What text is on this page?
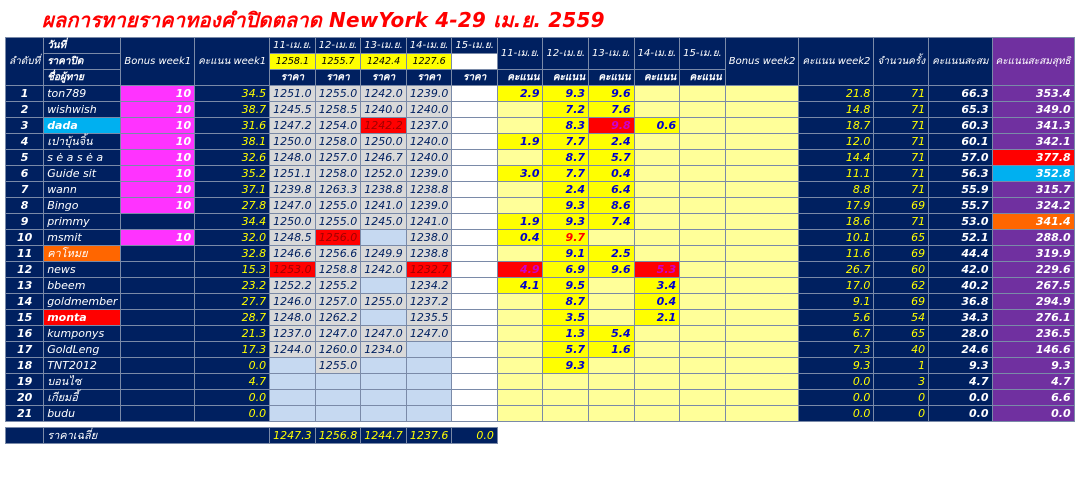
ผลการทายราคาทองคำปิดตลาด NewYork 4-29 เม.ย. 2559
ลำดับที่	วันที่	Bonus week1	คะแนน week1	11-เม.ย.	12-เม.ย.	13-เม.ย.	14-เม.ย.	15-เม.ย.	11-เม.ย.	12-เม.ย.	13-เม.ย.	14-เม.ย.	15-เม.ย.	Bonus week2	คะแนน week2	จำนวนครั้ง	คะแนนสะสม	คะแนนสะสมสุทธิ
	ราคาปิด			1258.1	1255.7	1242.4	1227.6											
	ชื่อผู้ทาย			ราคา	ราคา	ราคา	ราคา	ราคา	คะแนน	คะแนน	คะแนน	คะแนน	คะแนน					
1	ton789	10	34.5	1251.0	1255.0	1242.0	1239.0		2.9	9.3	9.6				21.8	71	66.3	353.4
2	wishwish	10	38.7	1245.5	1258.5	1240.0	1240.0			7.2	7.6				14.8	71	65.3	349.0
3	dada	10	31.6	1247.2	1254.0	1242.2	1237.0			8.3	9.8	0.6			18.7	71	60.3	341.3
4	เปาบุ้นจิ้น	10	38.1	1250.0	1258.0	1250.0	1240.0		1.9	7.7	2.4				12.0	71	60.1	342.1
5	s ė a s ė a	10	32.6	1248.0	1257.0	1246.7	1240.0			8.7	5.7				14.4	71	57.0	377.8
6	Guide sit	10	35.2	1251.1	1258.0	1252.0	1239.0		3.0	7.7	0.4				11.1	71	56.3	352.8
7	wann	10	37.1	1239.8	1263.3	1238.8	1238.8			2.4	6.4				8.8	71	55.9	315.7
8	Bingo	10	27.8	1247.0	1255.0	1241.0	1239.0			9.3	8.6				17.9	69	55.7	324.2
9	primmy		34.4	1250.0	1255.0	1245.0	1241.0		1.9	9.3	7.4				18.6	71	53.0	341.4
10	msmit	10	32.0	1248.5	1256.0		1238.0		0.4	9.7					10.1	65	52.1	288.0
11	ฅาโหมย		32.8	1246.6	1256.6	1249.9	1238.8			9.1	2.5				11.6	69	44.4	319.9
12	news		15.3	1253.0	1258.8	1242.0	1232.7		4.9	6.9	9.6	5.3			26.7	60	42.0	229.6
13	bbeem		23.2	1252.2	1255.2		1234.2		4.1	9.5		3.4			17.0	62	40.2	267.5
14	goldmember		27.7	1246.0	1257.0	1255.0	1237.2			8.7		0.4			9.1	69	36.8	294.9
15	monta		28.7	1248.0	1262.2		1235.5			3.5		2.1			5.6	54	34.3	276.1
16	kumponys		21.3	1237.0	1247.0	1247.0	1247.0			1.3	5.4				6.7	65	28.0	236.5
17	GoldLeng		17.3	1244.0	1260.0	1234.0				5.7	1.6				7.3	40	24.6	146.6
18	TNT2012		0.0		1255.0					9.3					9.3	1	9.3	9.3
19	บอนไซ		4.7												0.0	3	4.7	4.7
20	เกียมอี้		0.0												0.0	0	0.0	6.6
21	budu		0.0												0.0	0	0.0	0.0

	ราคาเฉลี่ย			1247.3	1256.8	1244.7	1237.6	0.0										
